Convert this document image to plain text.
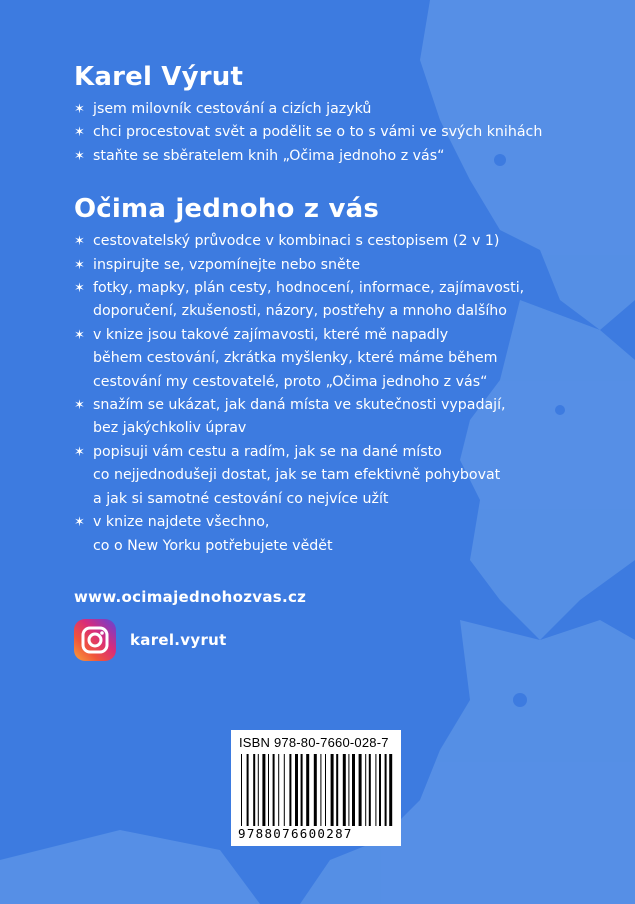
Karel Výrut
✶ jsem milovník cestování a cizích jazyků
✶ chci procestovat svět a podělit se o to s vámi ve svých knihách
✶ staňte se sběratelem knih „Očima jednoho z vás“
Očima jednoho z vás
✶ cestovatelský průvodce v kombinaci s cestopisem (2 v 1)
✶ inspirujte se, vzpomínejte nebo sněte
✶ fotky, mapky, plán cesty, hodnocení, informace, zajímavosti,
doporučení, zkušenosti, názory, postřehy a mnoho dalšího
✶ v knize jsou takové zajímavosti, které mě napadly
během cestování, zkrátka myšlenky, které máme během
cestování my cestovatelé, proto „Očima jednoho z vás“
✶ snažím se ukázat, jak daná místa ve skutečnosti vypadají,
bez jakýchkoliv úprav
✶ popisuji vám cestu a radím, jak se na dané místo
co nejjednodušeji dostat, jak se tam efektivně pohybovat
a jak si samotné cestování co nejvíce užít
✶ v knize najdete všechno,
co o New Yorku potřebujete vědět
www.ocimajednohozvas.cz
karel.vyrut
ISBN 978-80-7660-028-7
9788076600287
